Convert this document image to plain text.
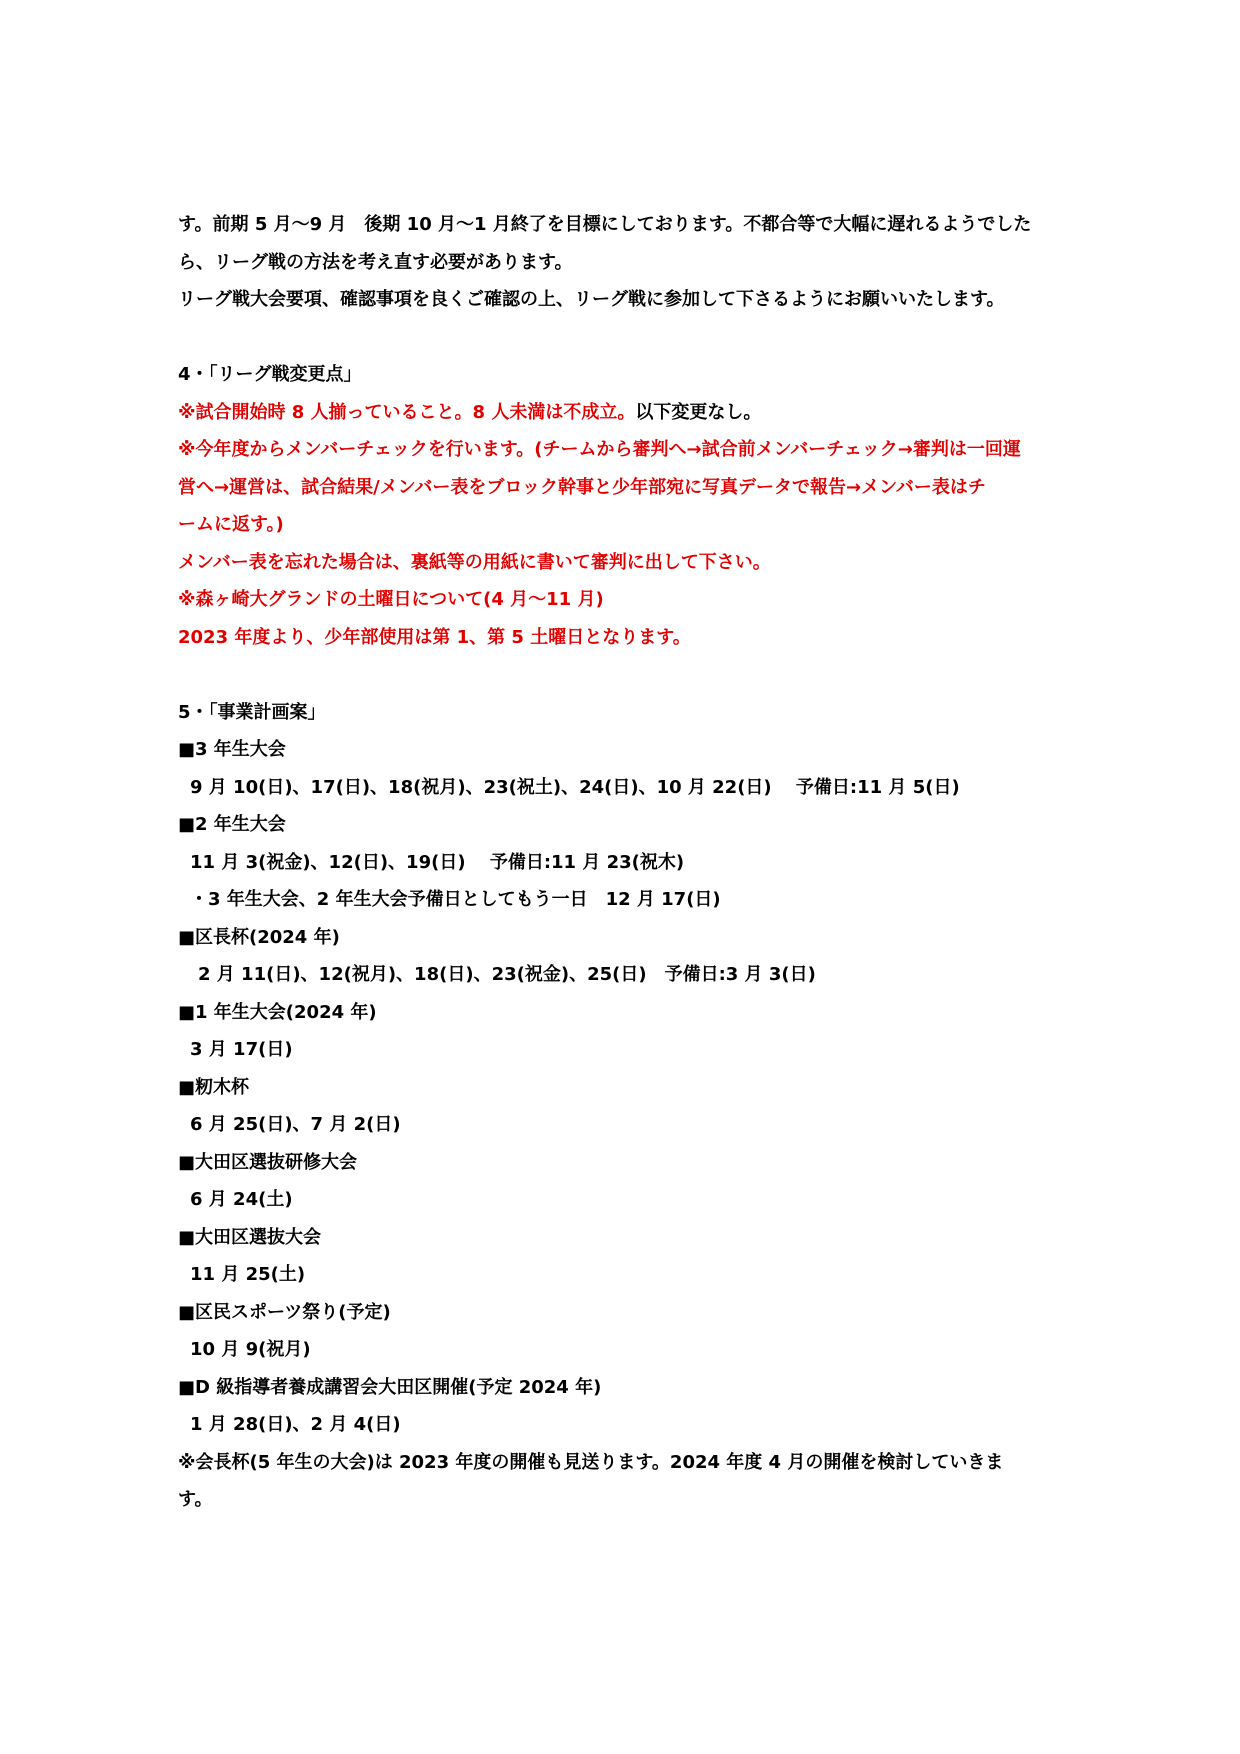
す。前期 5 月〜9 月　後期 10 月〜1 月終了を目標にしております。不都合等で大幅に遅れるようでした
ら、リーグ戦の方法を考え直す必要があります。
リーグ戦大会要項、確認事項を良くご確認の上、リーグ戦に参加して下さるようにお願いいたします。
4・「リーグ戦変更点」
※試合開始時 8 人揃っていること。8 人未満は不成立。以下変更なし。
※今年度からメンバーチェックを行います。(チームから審判へ→試合前メンバーチェック→審判は一回運
営へ→運営は、試合結果/メンバー表をブロック幹事と少年部宛に写真データで報告→メンバー表はチ
ームに返す。)
メンバー表を忘れた場合は、裏紙等の用紙に書いて審判に出して下さい。
※森ヶ崎大グランドの土曜日について(4 月〜11 月)
2023 年度より、少年部使用は第 1、第 5 土曜日となります。
5・「事業計画案」
■3 年生大会
9 月 10(日)、17(日)、18(祝月)、23(祝土)、24(日)、10 月 22(日)　 予備日:11 月 5(日)
■2 年生大会
11 月 3(祝金)、12(日)、19(日)　 予備日:11 月 23(祝木)
・3 年生大会、2 年生大会予備日としてもう一日　12 月 17(日)
■区長杯(2024 年)
2 月 11(日)、12(祝月)、18(日)、23(祝金)、25(日)　予備日:3 月 3(日)
■1 年生大会(2024 年)
3 月 17(日)
■籾木杯
6 月 25(日)、7 月 2(日)
■大田区選抜研修大会
6 月 24(土)
■大田区選抜大会
11 月 25(土)
■区民スポーツ祭り(予定)
10 月 9(祝月)
■D 級指導者養成講習会大田区開催(予定 2024 年)
1 月 28(日)、2 月 4(日)
※会長杯(5 年生の大会)は 2023 年度の開催も見送ります。2024 年度 4 月の開催を検討していきま
す。
